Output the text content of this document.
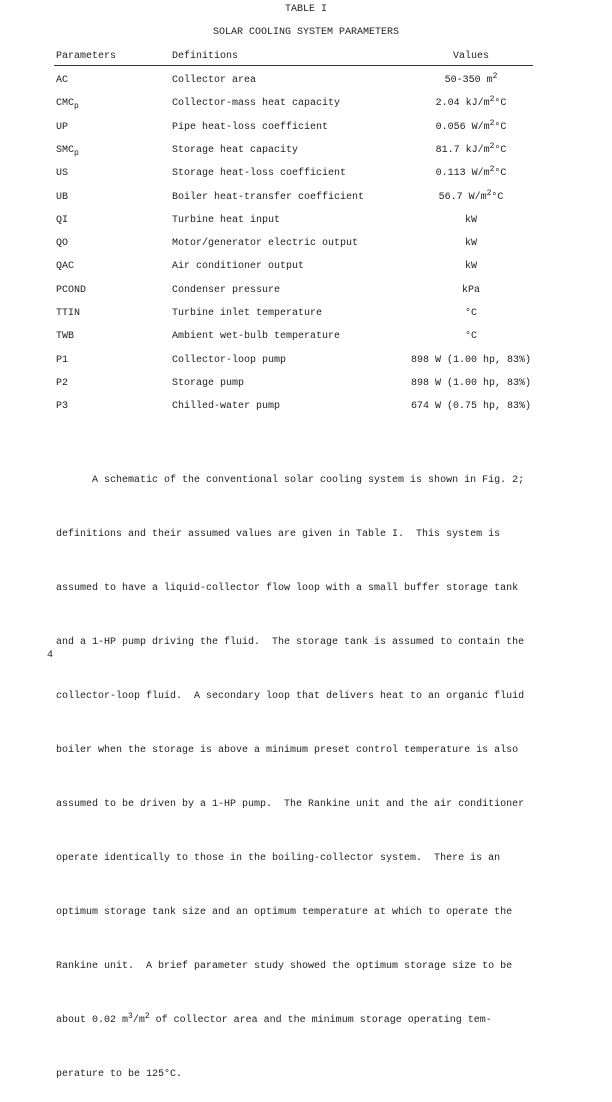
TABLE I
SOLAR COOLING SYSTEM PARAMETERS
Parameters	Definitions	Values
AC	Collector area	50-350 $m^2$
$CMC_p$	Collector-mass heat capacity	2.04 $kJ/m^2^\circ C$
UP	Pipe heat-loss coefficient	0.056 $W/m^2^\circ C$
$SMC_p$	Storage heat capacity	81.7 $kJ/m^2^\circ C$
US	Storage heat-loss coefficient	0.113 $W/m^2^\circ C$
UB	Boiler heat-transfer coefficient	56.7 $W/m^2^\circ C$
QI	Turbine heat input	kW
QO	Motor/generator electric output	kW
QAC	Air conditioner output	kW
PCOND	Condenser pressure	kPa
TTIN	Turbine inlet temperature	°C
TWB	Ambient wet-bulb temperature	°C
P1	Collector-loop pump	898 W (1.00 hp, 83%)
P2	Storage pump	898 W (1.00 hp, 83%)
P3	Chilled-water pump	674 W (0.75 hp, 83%)

A schematic of the conventional solar cooling system is shown in Fig. 2;

definitions and their assumed values are given in Table I.  This system is

assumed to have a liquid-collector flow loop with a small buffer storage tank

and a 1-HP pump driving the fluid.  The storage tank is assumed to contain the

collector-loop fluid.  A secondary loop that delivers heat to an organic fluid

boiler when the storage is above a minimum preset control temperature is also

assumed to be driven by a 1-HP pump.  The Rankine unit and the air conditioner

operate identically to those in the boiling-collector system.  There is an

optimum storage tank size and an optimum temperature at which to operate the

Rankine unit.  A brief parameter study showed the optimum storage size to be

about 0.02 $m^3/m^2$ of collector area and the minimum storage operating tem-

perature to be 125°C.

4
